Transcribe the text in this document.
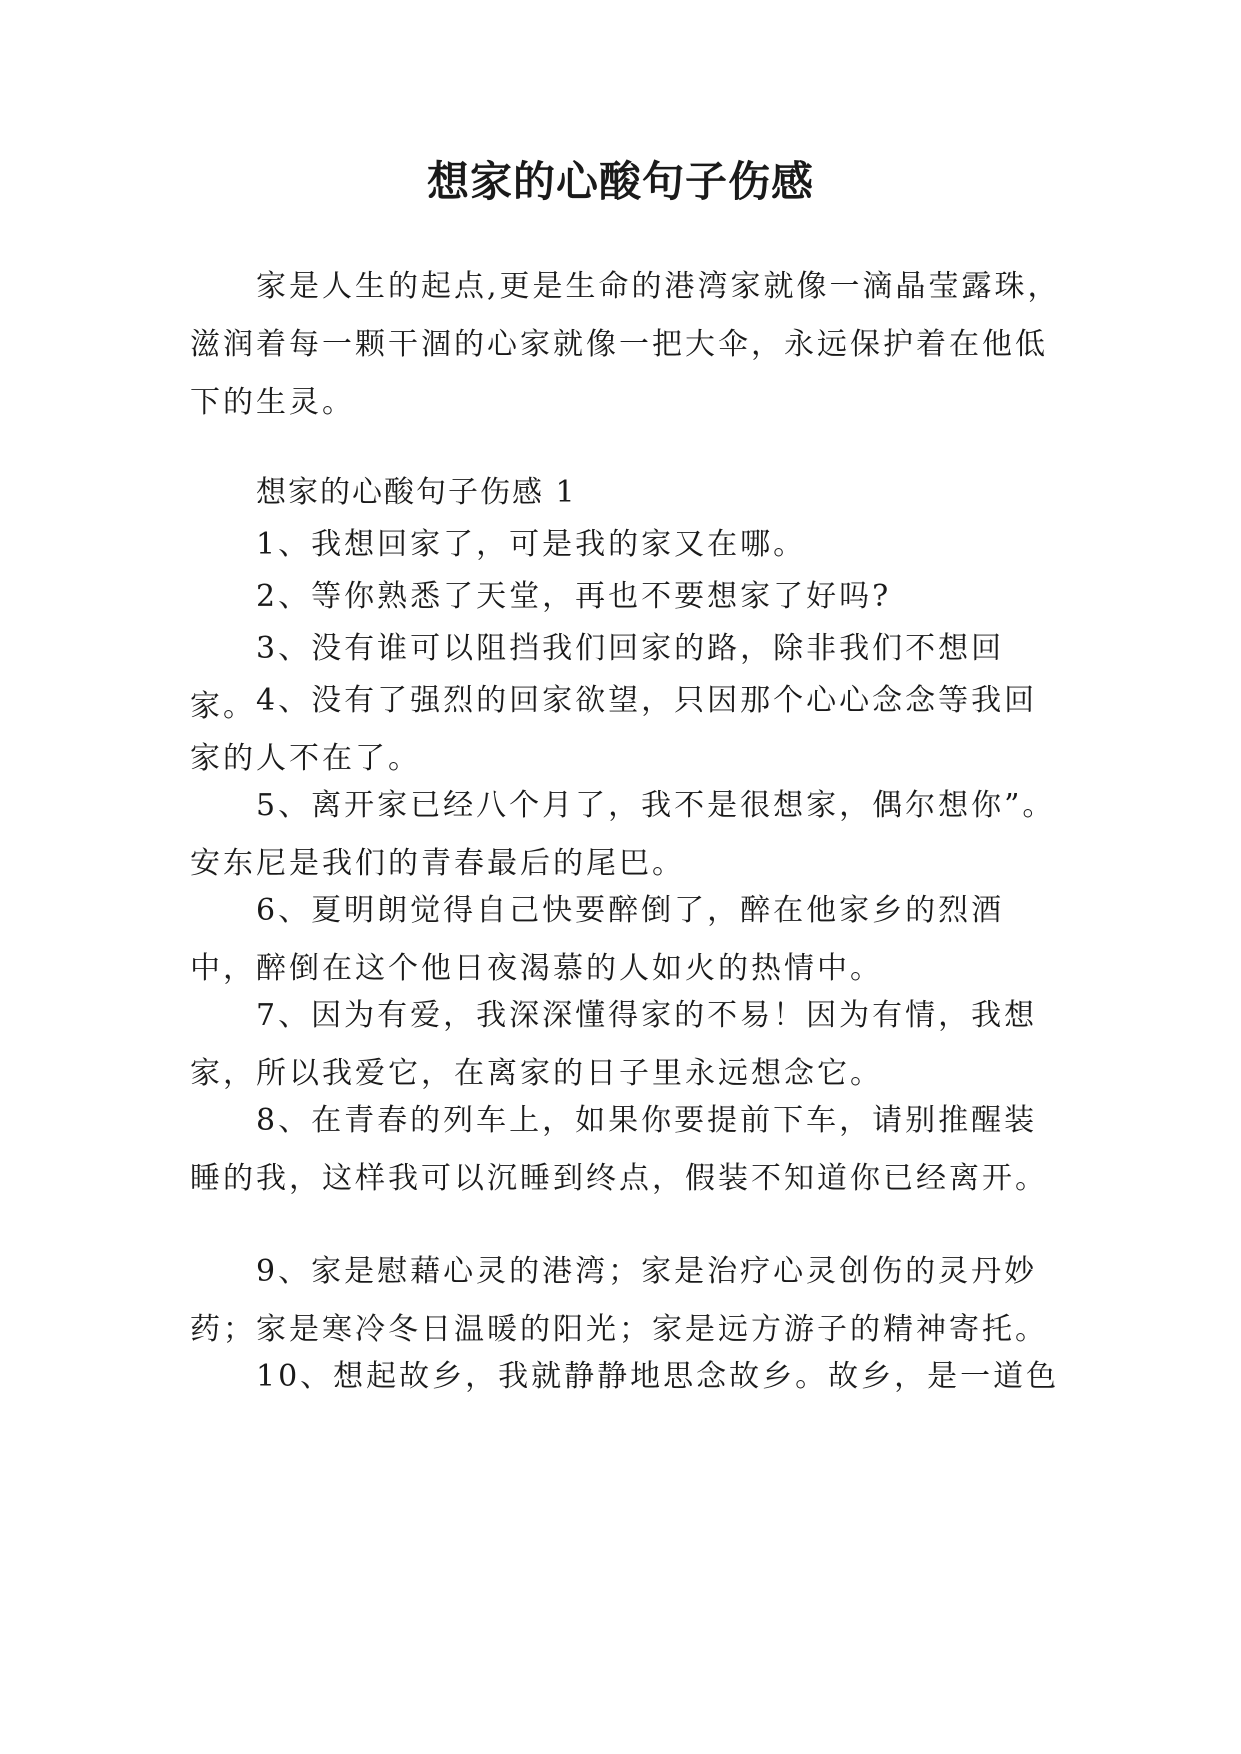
想家的心酸句子伤感

家是人生的起点,更是生命的港湾家就像一滴晶莹露珠，滋润着每一颗干涸的心家就像一把大伞，永远保护着在他低下的生灵。

想家的心酸句子伤感 1

1、我想回家了，可是我的家又在哪。

2、等你熟悉了天堂，再也不要想家了好吗?

3、没有谁可以阻挡我们回家的路，除非我们不想回家。 4、没有了强烈的回家欲望，只因那个心心念念等我回家的人不在了。

5、离开家已经八个月了，我不是很想家，偶尔想你”。安东尼是我们的青春最后的尾巴。

6、夏明朗觉得自己快要醉倒了，醉在他家乡的烈酒中，醉倒在这个他日夜渴慕的人如火的热情中。

7、因为有爱，我深深懂得家的不易！因为有情，我想家，所以我爱它，在离家的日子里永远想念它。

8、在青春的列车上，如果你要提前下车，请别推醒装睡的我，这样我可以沉睡到终点，假装不知道你已经离开。

9、家是慰藉心灵的港湾；家是治疗心灵创伤的灵丹妙药；家是寒冷冬日温暖的阳光；家是远方游子的精神寄托。

10、想起故乡，我就静静地思念故乡。故乡，是一道色
